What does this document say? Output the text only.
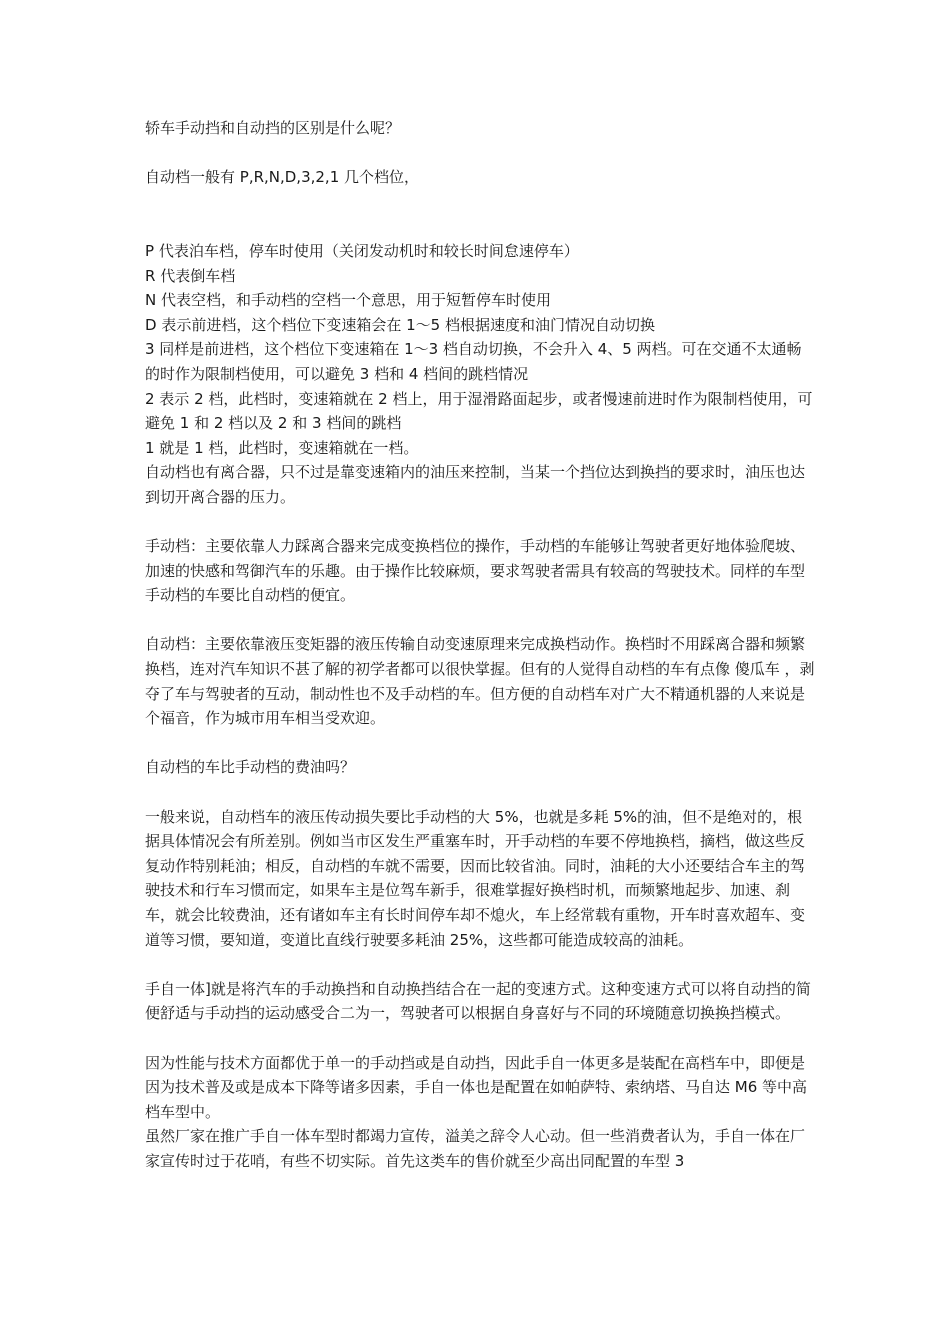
轿车手动挡和自动挡的区别是什么呢？

自动档一般有 P,R,N,D,3,2,1 几个档位，

P 代表泊车档，停车时使用（关闭发动机时和较长时间怠速停车）

R 代表倒车档

N 代表空档，和手动档的空档一个意思，用于短暂停车时使用

D 表示前进档，这个档位下变速箱会在 1～5 档根据速度和油门情况自动切换

3 同样是前进档，这个档位下变速箱在 1～3 档自动切换，不会升入 4、5 两档。可在交通不太通畅的时作为限制档使用，可以避免 3 档和 4 档间的跳档情况

2 表示 2 档，此档时，变速箱就在 2 档上，用于湿滑路面起步，或者慢速前进时作为限制档使用，可避免 1 和 2 档以及 2 和 3 档间的跳档

1 就是 1 档，此档时，变速箱就在一档。

自动档也有离合器，只不过是靠变速箱内的油压来控制，当某一个挡位达到换挡的要求时，油压也达到切开离合器的压力。

手动档：主要依靠人力踩离合器来完成变换档位的操作，手动档的车能够让驾驶者更好地体验爬坡、加速的快感和驾御汽车的乐趣。由于操作比较麻烦，要求驾驶者需具有较高的驾驶技术。同样的车型手动档的车要比自动档的便宜。

自动档：主要依靠液压变矩器的液压传输自动变速原理来完成换档动作。换档时不用踩离合器和频繁换档，连对汽车知识不甚了解的初学者都可以很快掌握。但有的人觉得自动档的车有点像 傻瓜车 ，剥夺了车与驾驶者的互动，制动性也不及手动档的车。但方便的自动档车对广大不精通机器的人来说是个福音，作为城市用车相当受欢迎。

自动档的车比手动档的费油吗？

一般来说，自动档车的液压传动损失要比手动档的大 5%，也就是多耗 5%的油，但不是绝对的，根据具体情况会有所差别。例如当市区发生严重塞车时，开手动档的车要不停地换档，摘档，做这些反复动作特别耗油；相反，自动档的车就不需要，因而比较省油。同时，油耗的大小还要结合车主的驾驶技术和行车习惯而定，如果车主是位驾车新手，很难掌握好换档时机，而频繁地起步、加速、刹车，就会比较费油，还有诸如车主有长时间停车却不熄火，车上经常载有重物，开车时喜欢超车、变道等习惯，要知道，变道比直线行驶要多耗油 25%，这些都可能造成较高的油耗。

手自一体]就是将汽车的手动换挡和自动换挡结合在一起的变速方式。这种变速方式可以将自动挡的简便舒适与手动挡的运动感受合二为一，驾驶者可以根据自身喜好与不同的环境随意切换换挡模式。

因为性能与技术方面都优于单一的手动挡或是自动挡，因此手自一体更多是装配在高档车中，即便是因为技术普及或是成本下降等诸多因素，手自一体也是配置在如帕萨特、索纳塔、马自达 M6 等中高档车型中。

虽然厂家在推广手自一体车型时都竭力宣传，溢美之辞令人心动。但一些消费者认为，手自一体在厂家宣传时过于花哨，有些不切实际。首先这类车的售价就至少高出同配置的车型 3
